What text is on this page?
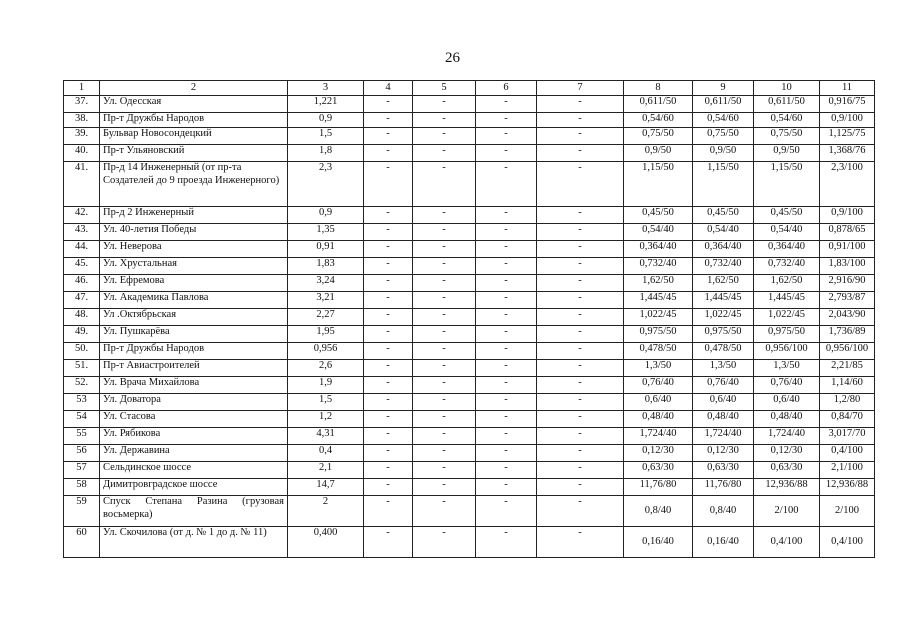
26
1	2	3	4	5	6	7	8	9	10	11
37.	Ул. Одесская	1,221	-	-	-	-	0,611/50	0,611/50	0,611/50	0,916/75
38.	Пр-т Дружбы Народов	0,9	-	-	-	-	0,54/60	0,54/60	0,54/60	0,9/100
39.	Бульвар Новосондецкий	1,5	-	-	-	-	0,75/50	0,75/50	0,75/50	1,125/75
40.	Пр-т Ульяновский	1,8	-	-	-	-	0,9/50	0,9/50	0,9/50	1,368/76
41.	Пр-д 14 Инженерный (от пр-та Создателей до 9 проезда Инженерного)	2,3	-	-	-	-	1,15/50	1,15/50	1,15/50	2,3/100
42.	Пр-д 2 Инженерный	0,9	-	-	-	-	0,45/50	0,45/50	0,45/50	0,9/100
43.	Ул. 40-летия Победы	1,35	-	-	-	-	0,54/40	0,54/40	0,54/40	0,878/65
44.	Ул. Неверова	0,91	-	-	-	-	0,364/40	0,364/40	0,364/40	0,91/100
45.	Ул. Хрустальная	1,83	-	-	-	-	0,732/40	0,732/40	0,732/40	1,83/100
46.	Ул. Ефремова	3,24	-	-	-	-	1,62/50	1,62/50	1,62/50	2,916/90
47.	Ул. Академика Павлова	3,21	-	-	-	-	1,445/45	1,445/45	1,445/45	2,793/87
48.	Ул .Октябрьская	2,27	-	-	-	-	1,022/45	1,022/45	1,022/45	2,043/90
49.	Ул. Пушкарёва	1,95	-	-	-	-	0,975/50	0,975/50	0,975/50	1,736/89
50.	Пр-т Дружбы Народов	0,956	-	-	-	-	0,478/50	0,478/50	0,956/100	0,956/100
51.	Пр-т Авиастроителей	2,6	-	-	-	-	1,3/50	1,3/50	1,3/50	2,21/85
52.	Ул. Врача Михайлова	1,9	-	-	-	-	0,76/40	0,76/40	0,76/40	1,14/60
53	Ул. Доватора	1,5	-	-	-	-	0,6/40	0,6/40	0,6/40	1,2/80
54	Ул. Стасова	1,2	-	-	-	-	0,48/40	0,48/40	0,48/40	0,84/70
55	Ул. Рябикова	4,31	-	-	-	-	1,724/40	1,724/40	1,724/40	3,017/70
56	Ул. Державина	0,4	-	-	-	-	0,12/30	0,12/30	0,12/30	0,4/100
57	Сельдинское шоссе	2,1	-	-	-	-	0,63/30	0,63/30	0,63/30	2,1/100
58	Димитровградское шоссе	14,7	-	-	-	-	11,76/80	11,76/80	12,936/88	12,936/88
59	Спуск Степана Разина (грузовая восьмерка)	2	-	-	-	-	0,8/40	0,8/40	2/100	2/100
60	Ул. Скочилова (от д. № 1 до д. № 11)	0,400	-	-	-	-	0,16/40	0,16/40	0,4/100	0,4/100
